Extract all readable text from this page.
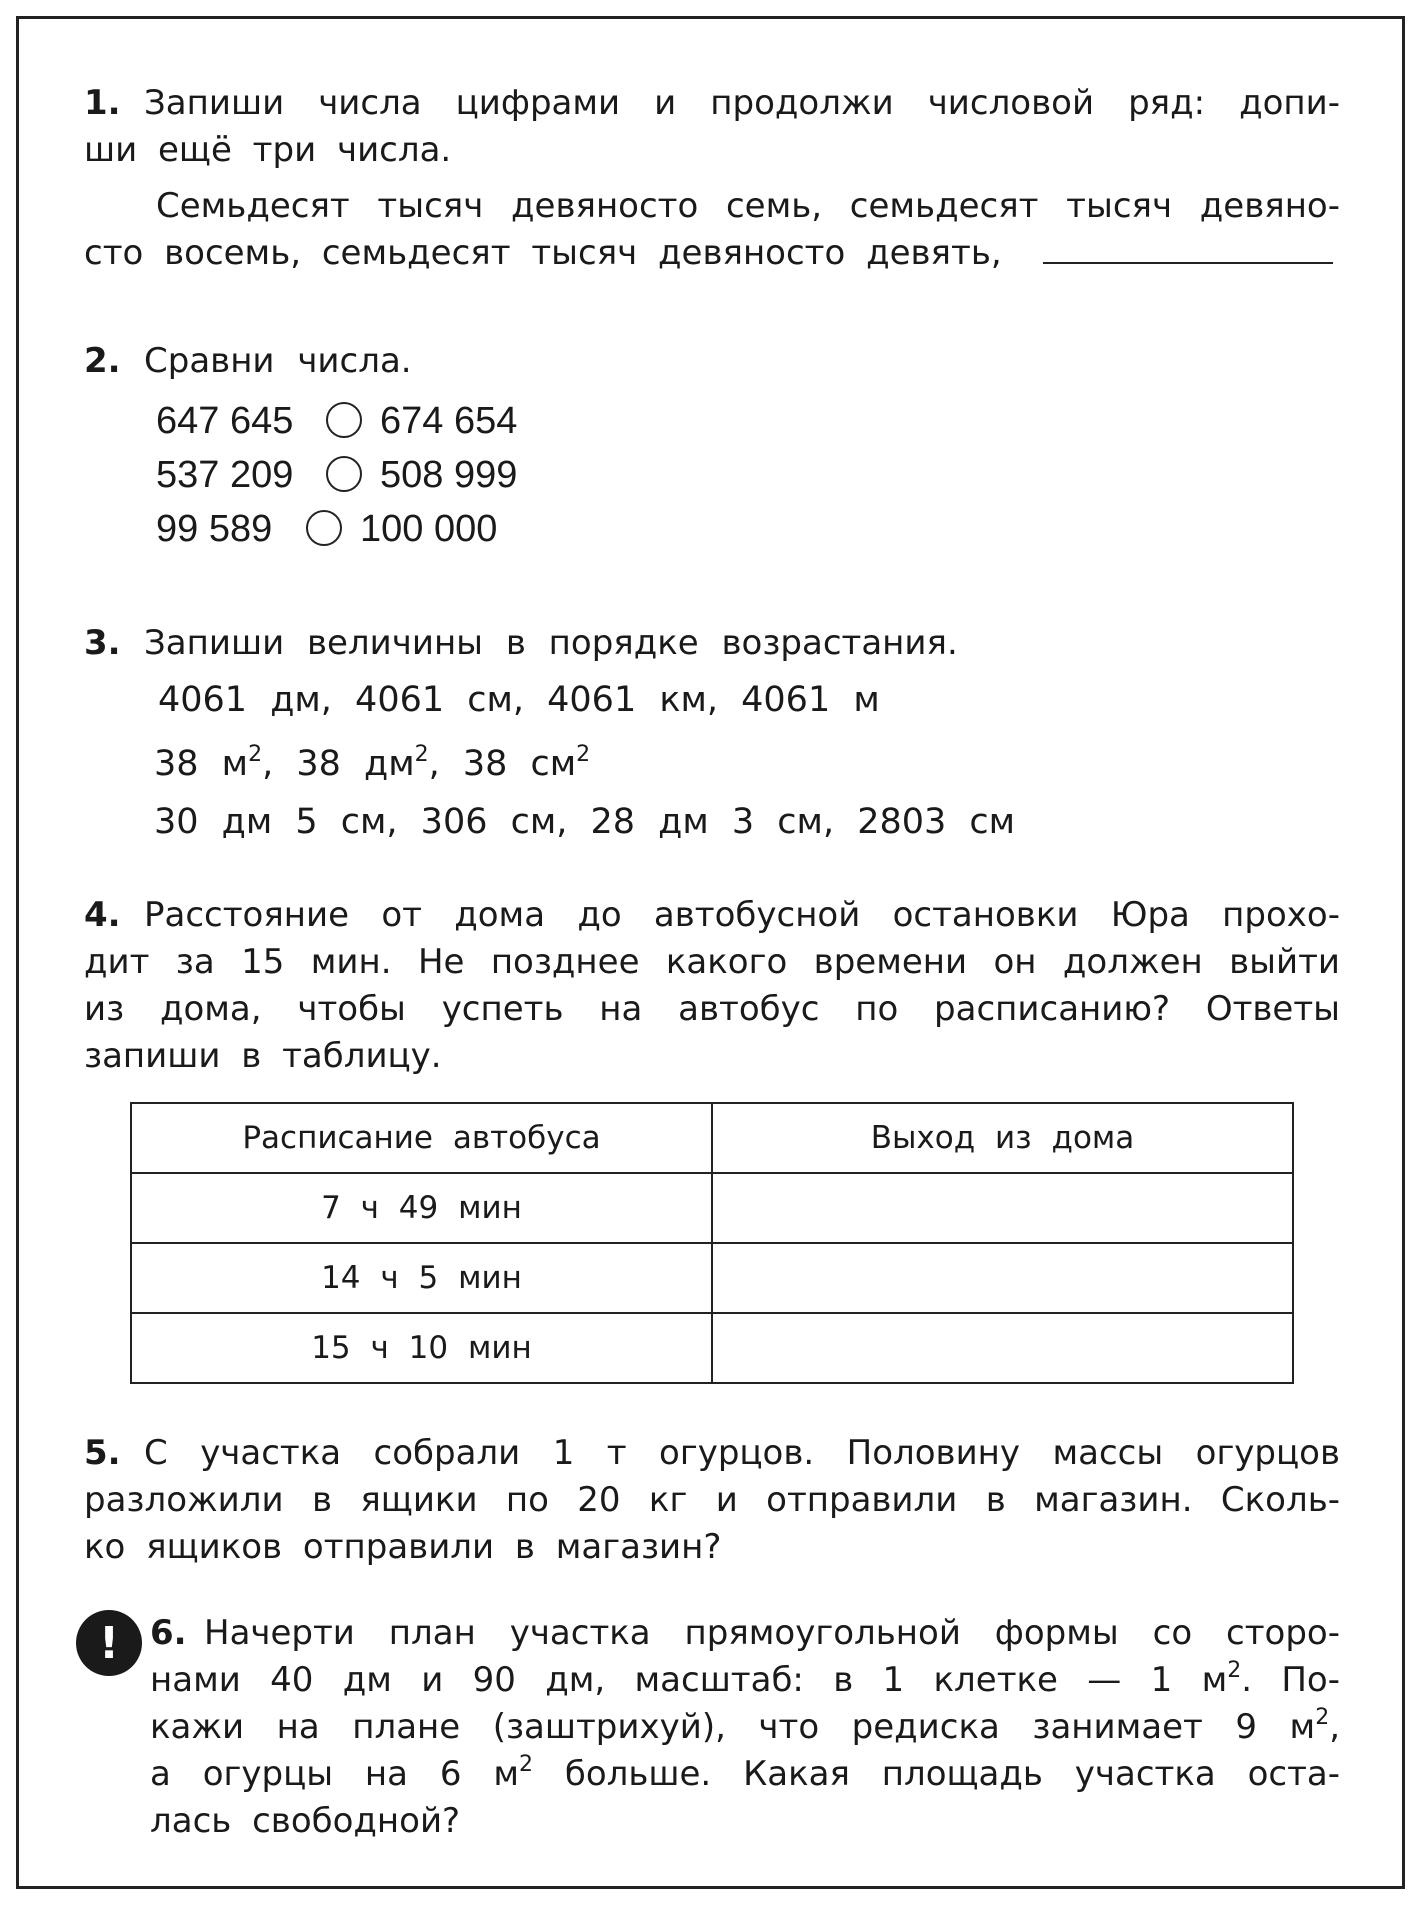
1. Запиши числа цифрами и продолжи числовой ряд: допи-
ши ещё три числа.
Семьдесят тысяч девяносто семь, семьдесят тысяч девяно-
сто восемь, семьдесят тысяч девяносто девять,
2. Сравни числа.
647 645 674 654
537 209 508 999
99 589 100 000
3. Запиши величины в порядке возрастания.
4061 дм, 4061 см, 4061 км, 4061 м
38 $м^2$, 38 $дм^2$, 38 $см^2$
30 дм 5 см, 306 см, 28 дм 3 см, 2803 см
4. Расстояние от дома до автобусной остановки Юра прохо-
дит за 15 мин. Не позднее какого времени он должен выйти
из дома, чтобы успеть на автобус по расписанию? Ответы
запиши в таблицу.
Расписание автобуса	Выход из дома
7 ч 49 мин	
14 ч 5 мин	
15 ч 10 мин	
5. С участка собрали 1 т огурцов. Половину массы огурцов
разложили в ящики по 20 кг и отправили в магазин. Сколь-
ко ящиков отправили в магазин?
! 6. Начерти план участка прямоугольной формы со сторо-
нами 40 дм и 90 дм, масштаб: в 1 клетке — 1 $м^2$. По-
кажи на плане (заштрихуй), что редиска занимает 9 $м^2$,
а огурцы на 6 $м^2$ больше. Какая площадь участка оста-
лась свободной?
